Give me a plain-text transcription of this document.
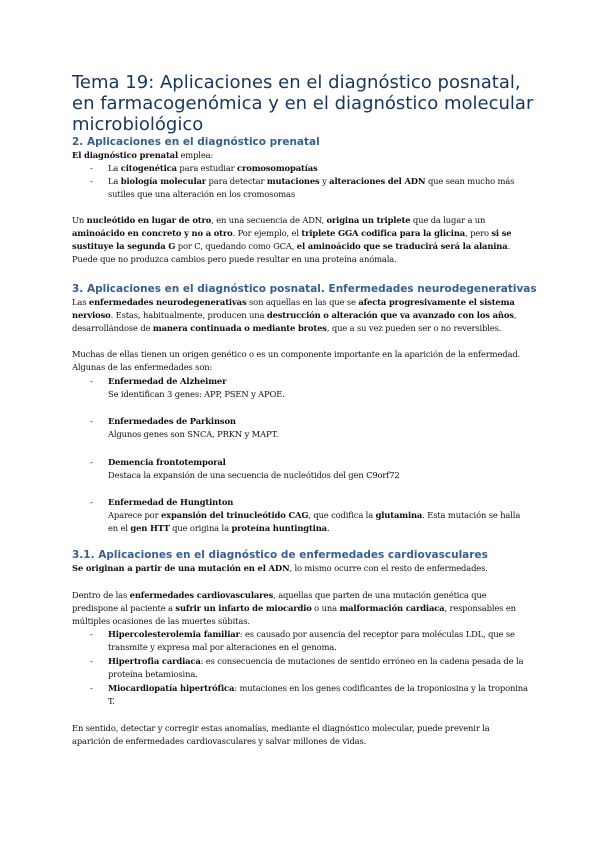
Tema 19: Aplicaciones en el diagnóstico posnatal, en farmacogenómica y en el diagnóstico molecular microbiológico
2. Aplicaciones en el diagnóstico prenatal

El diagnóstico prenatal emplea:

- La citogenética para estudiar cromosomopatías
- La biología molecular para detectar mutaciones y alteraciones del ADN que sean mucho más sutiles que una alteración en los cromosomas

Un nucleótido en lugar de otro, en una secuencia de ADN, origina un triplete que da lugar a un aminoácido en concreto y no a otro. Por ejemplo, el triplete GGA codifica para la glicina, pero si se sustituye la segunda G por C, quedando como GCA, el aminoácido que se traducirá será la alanina. Puede que no produzca cambios pero puede resultar en una proteína anómala.

3. Aplicaciones en el diagnóstico posnatal. Enfermedades neurodegenerativas

Las enfermedades neurodegenerativas son aquellas en las que se afecta progresivamente el sistema nervioso. Estas, habitualmente, producen una destrucción o alteración que va avanzado con los años, desarrollándose de manera continuada o mediante brotes, que a su vez pueden ser o no reversibles.

Muchas de ellas tienen un origen genético o es un componente importante en la aparición de la enfermedad. Algunas de las enfermedades son:

- Enfermedad de Alzheimer
Se identifican 3 genes: APP, PSEN y APOE.
- Enfermedades de Parkinson
Algunos genes son SNCA, PRKN y MAPT.
- Demencia frontotemporal
Destaca la expansión de una secuencia de nucleótidos del gen C9orf72
- Enfermedad de Hungtinton
Aparece por expansión del trinucleótido CAG, que codifica la glutamina. Esta mutación se halla en el gen HTT que origina la proteína huntingtina.
3.1. Aplicaciones en el diagnóstico de enfermedades cardiovasculares

Se originan a partir de una mutación en el ADN, lo mismo ocurre con el resto de enfermedades.

Dentro de las enfermedades cardiovasculares, aquellas que parten de una mutación genética que predispone al paciente a sufrir un infarto de miocardio o una malformación cardiaca, responsables en múltiples ocasiones de las muertes súbitas.

- Hipercolesterolemia familiar: es causado por ausencia del receptor para moléculas LDL, que se transmite y expresa mal por alteraciones en el genoma.
- Hipertrofia cardiaca: es consecuencia de mutaciones de sentido erróneo en la cadena pesada de la proteína betamiosina.
- Miocardiopatía hipertrófica: mutaciones en los genes codificantes de la troponiosina y la troponina T.

En sentido, detectar y corregir estas anomalías, mediante el diagnóstico molecular, puede prevenir la aparición de enfermedades cardiovasculares y salvar millones de vidas.
